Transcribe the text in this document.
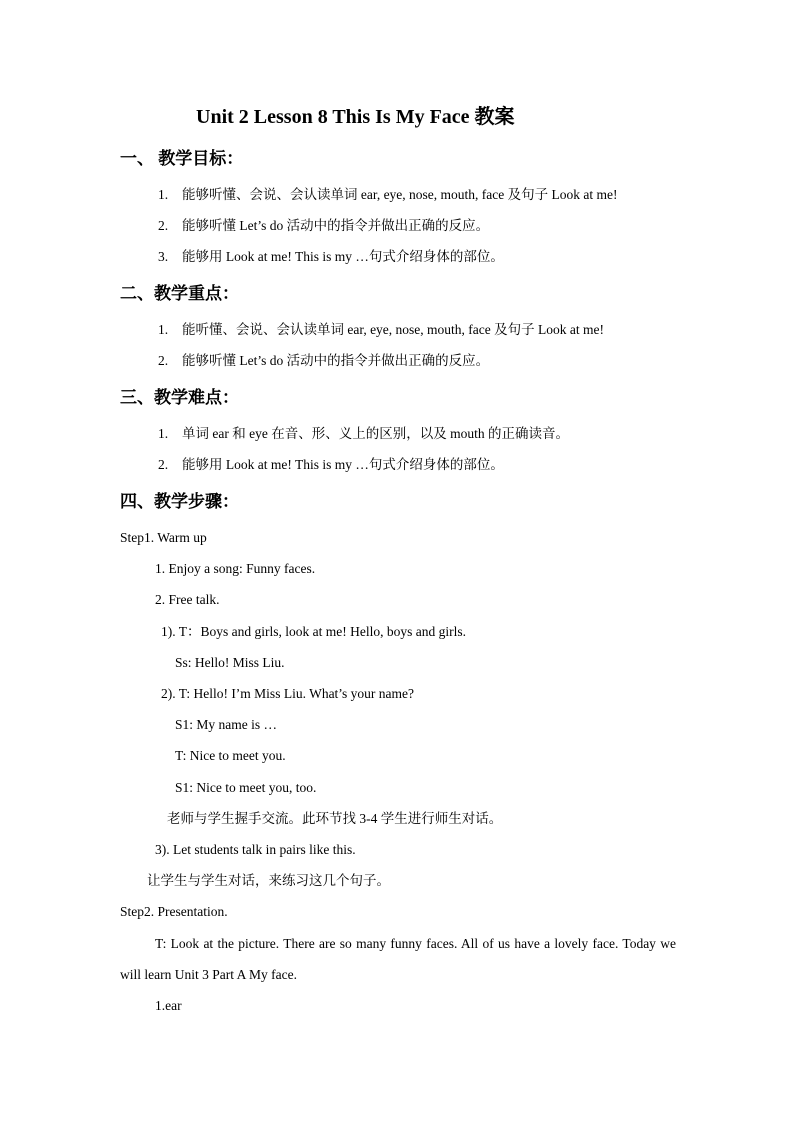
Unit 2 Lesson 8 This Is My Face 教案
一、 教学目标：
1. 能够听懂、会说、会认读单词 ear, eye, nose, mouth, face 及句子 Look at me!
2. 能够听懂 Let’s do 活动中的指令并做出正确的反应。
3. 能够用 Look at me! This is my …句式介绍身体的部位。
二、教学重点：
1. 能听懂、会说、会认读单词 ear, eye, nose, mouth, face 及句子 Look at me!
2. 能够听懂 Let’s do 活动中的指令并做出正确的反应。
三、教学难点：
1. 单词 ear 和 eye 在音、形、义上的区别，以及 mouth 的正确读音。
2. 能够用 Look at me! This is my …句式介绍身体的部位。
四、教学步骤：
Step1. Warm up
1. Enjoy a song: Funny faces.
2. Free talk.
1). T：Boys and girls, look at me! Hello, boys and girls.
Ss: Hello! Miss Liu.
2). T: Hello! I’m Miss Liu. What’s your name?
S1: My name is …
T: Nice to meet you.
S1: Nice to meet you, too.
老师与学生握手交流。此环节找 3-4 学生进行师生对话。
3). Let students talk in pairs like this.
让学生与学生对话，来练习这几个句子。
Step2. Presentation.
T: Look at the picture. There are so many funny faces. All of us have a lovely face. Today we will learn Unit 3 Part A My face.
1.ear
